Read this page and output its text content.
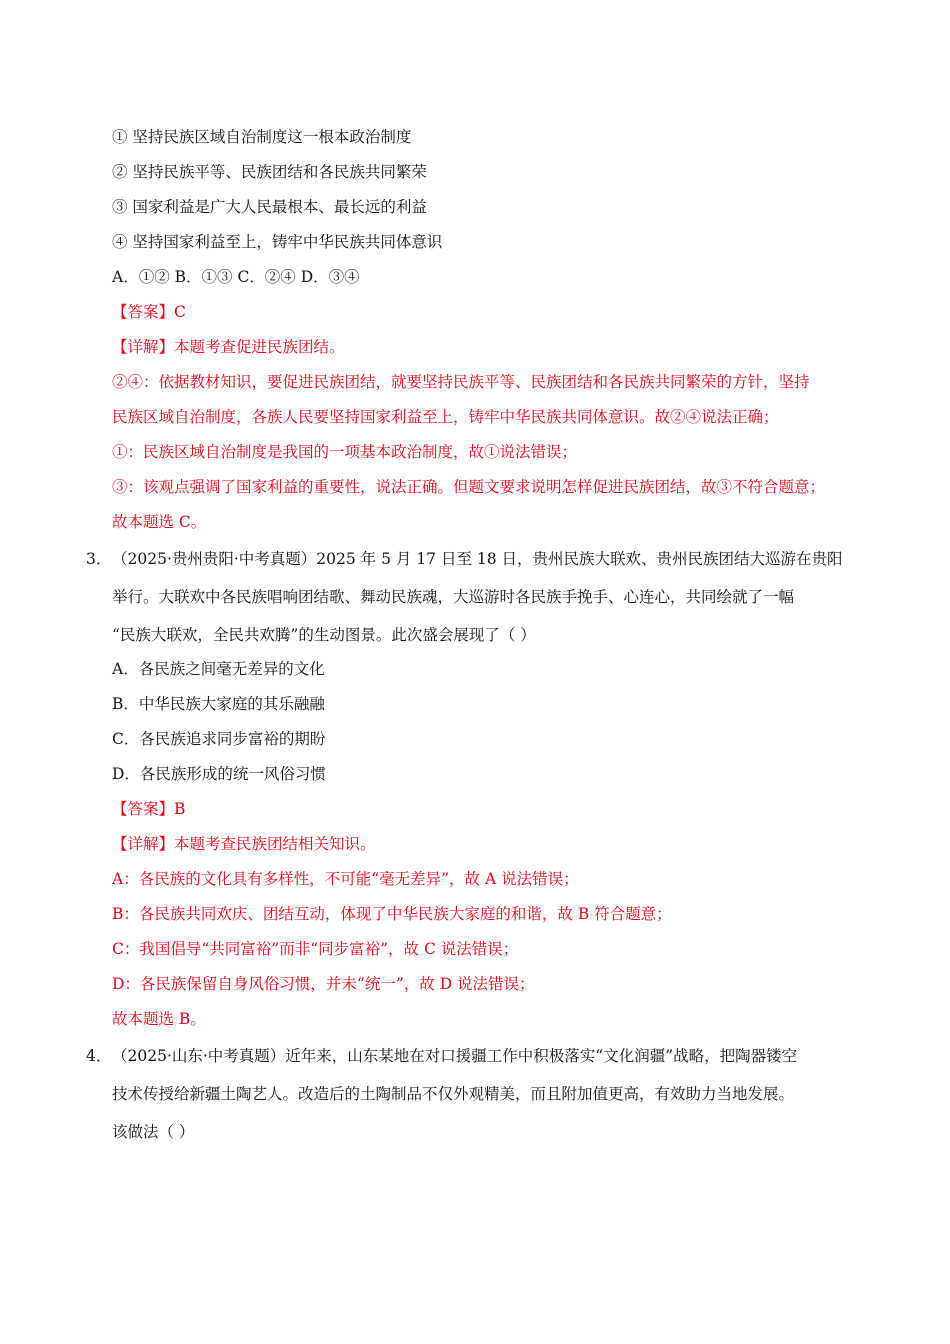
① 坚持民族区域自治制度这一根本政治制度
② 坚持民族平等、民族团结和各民族共同繁荣
③ 国家利益是广大人民最根本、最长远的利益
④ 坚持国家利益至上，铸牢中华民族共同体意识
A．①② B．①③ C．②④ D．③④
【答案】C
【详解】本题考查促进民族团结。
②④：依据教材知识，要促进民族团结，就要坚持民族平等、民族团结和各民族共同繁荣的方针，坚持
民族区域自治制度，各族人民要坚持国家利益至上，铸牢中华民族共同体意识。故②④说法正确；
①：民族区域自治制度是我国的一项基本政治制度，故①说法错误；
③：该观点强调了国家利益的重要性，说法正确。但题文要求说明怎样促进民族团结，故③不符合题意；
故本题选 C。
3． （2025·贵州贵阳·中考真题）2025 年 5 月 17 日至 18 日，贵州民族大联欢、贵州民族团结大巡游在贵阳
举行。大联欢中各民族唱响团结歌、舞动民族魂，大巡游时各民族手挽手、心连心，共同绘就了一幅
“民族大联欢，全民共欢腾”的生动图景。此次盛会展现了（ ）
A．各民族之间毫无差异的文化
B．中华民族大家庭的其乐融融
C．各民族追求同步富裕的期盼
D．各民族形成的统一风俗习惯
【答案】B
【详解】本题考查民族团结相关知识。
A：各民族的文化具有多样性，不可能“毫无差异”，故 A 说法错误；
B：各民族共同欢庆、团结互动，体现了中华民族大家庭的和谐，故 B 符合题意；
C：我国倡导“共同富裕”而非“同步富裕”，故 C 说法错误；
D：各民族保留自身风俗习惯，并未“统一”，故 D 说法错误；
故本题选 B。
4． （2025·山东·中考真题）近年来，山东某地在对口援疆工作中积极落实“文化润疆”战略，把陶器镂空
技术传授给新疆土陶艺人。改造后的土陶制品不仅外观精美，而且附加值更高，有效助力当地发展。
该做法（ ）
